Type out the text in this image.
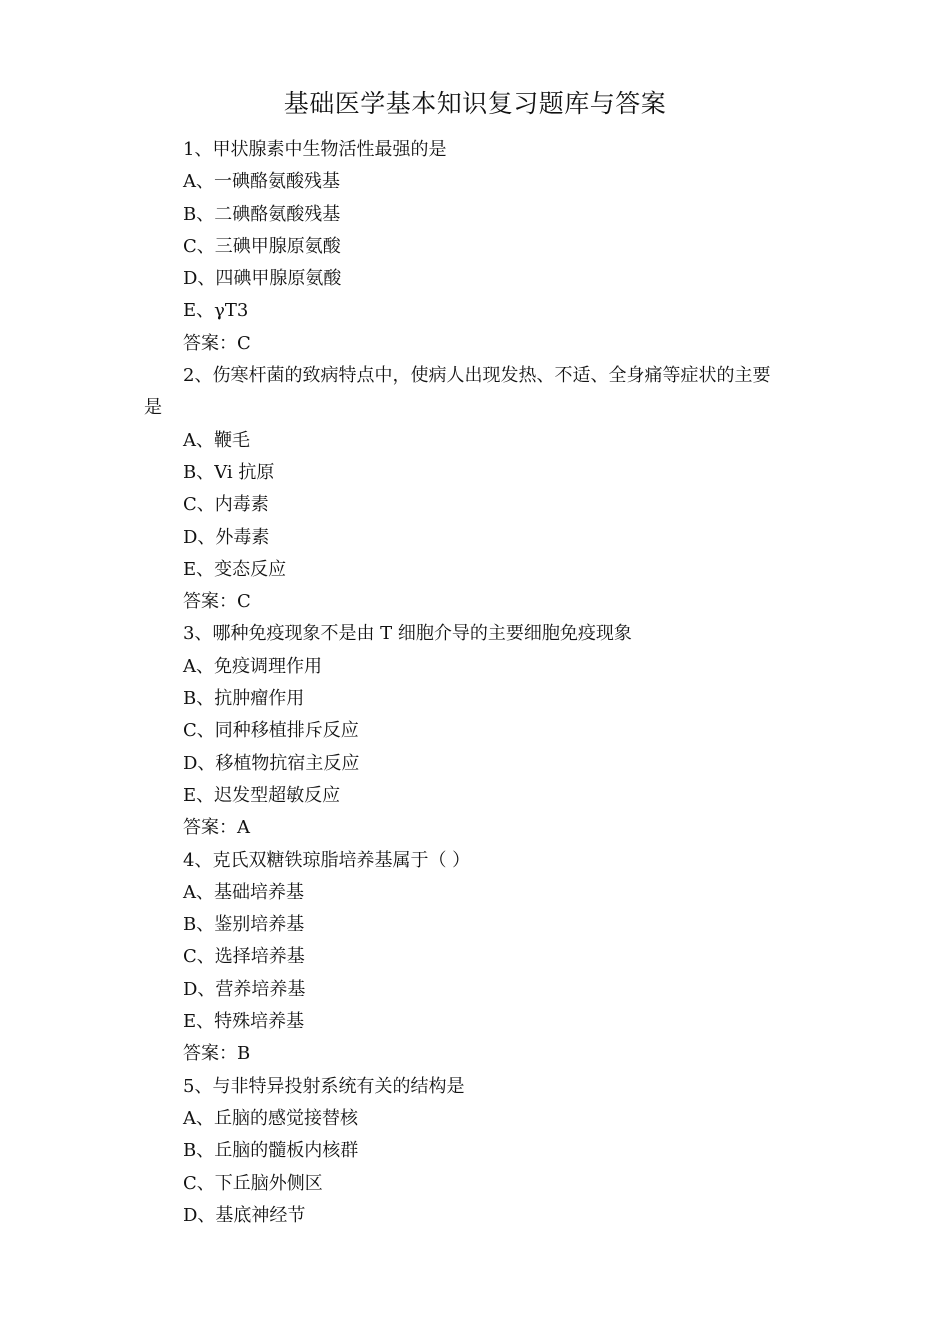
基础医学基本知识复习题库与答案
1、甲状腺素中生物活性最强的是
A、一碘酪氨酸残基
B、二碘酪氨酸残基
C、三碘甲腺原氨酸
D、四碘甲腺原氨酸
E、γT3
答案：C
2、伤寒杆菌的致病特点中，使病人出现发热、不适、全身痛等症状的主要
是
A、鞭毛
B、Vi 抗原
C、内毒素
D、外毒素
E、变态反应
答案：C
3、哪种免疫现象不是由 T 细胞介导的主要细胞免疫现象
A、免疫调理作用
B、抗肿瘤作用
C、同种移植排斥反应
D、移植物抗宿主反应
E、迟发型超敏反应
答案：A
4、克氏双糖铁琼脂培养基属于（ ）
A、基础培养基
B、鉴别培养基
C、选择培养基
D、营养培养基
E、特殊培养基
答案：B
5、与非特异投射系统有关的结构是
A、丘脑的感觉接替核
B、丘脑的髓板内核群
C、下丘脑外侧区
D、基底神经节
